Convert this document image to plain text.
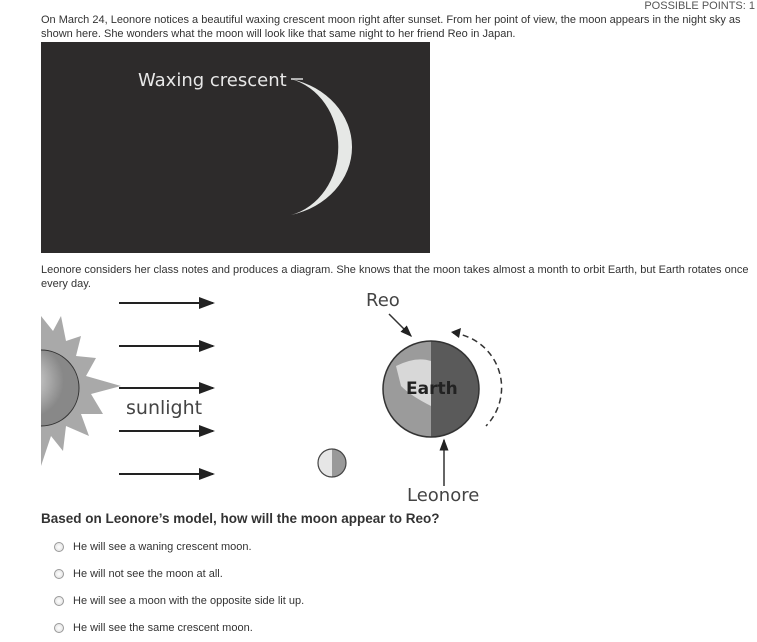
POSSIBLE POINTS: 1
On March 24, Leonore notices a beautiful waxing crescent moon right after sunset. From her point of view, the moon appears in the night sky as shown here. She wonders what the moon will look like that same night to her friend Reo in Japan.
Waxing crescent
Leonore considers her class notes and produces a diagram. She knows that the moon takes almost a month to orbit Earth, but Earth rotates once every day.
sunlight
Reo
Earth
Leonore
Based on Leonore’s model, how will the moon appear to Reo?
He will see a waning crescent moon.
He will not see the moon at all.
He will see a moon with the opposite side lit up.
He will see the same crescent moon.
